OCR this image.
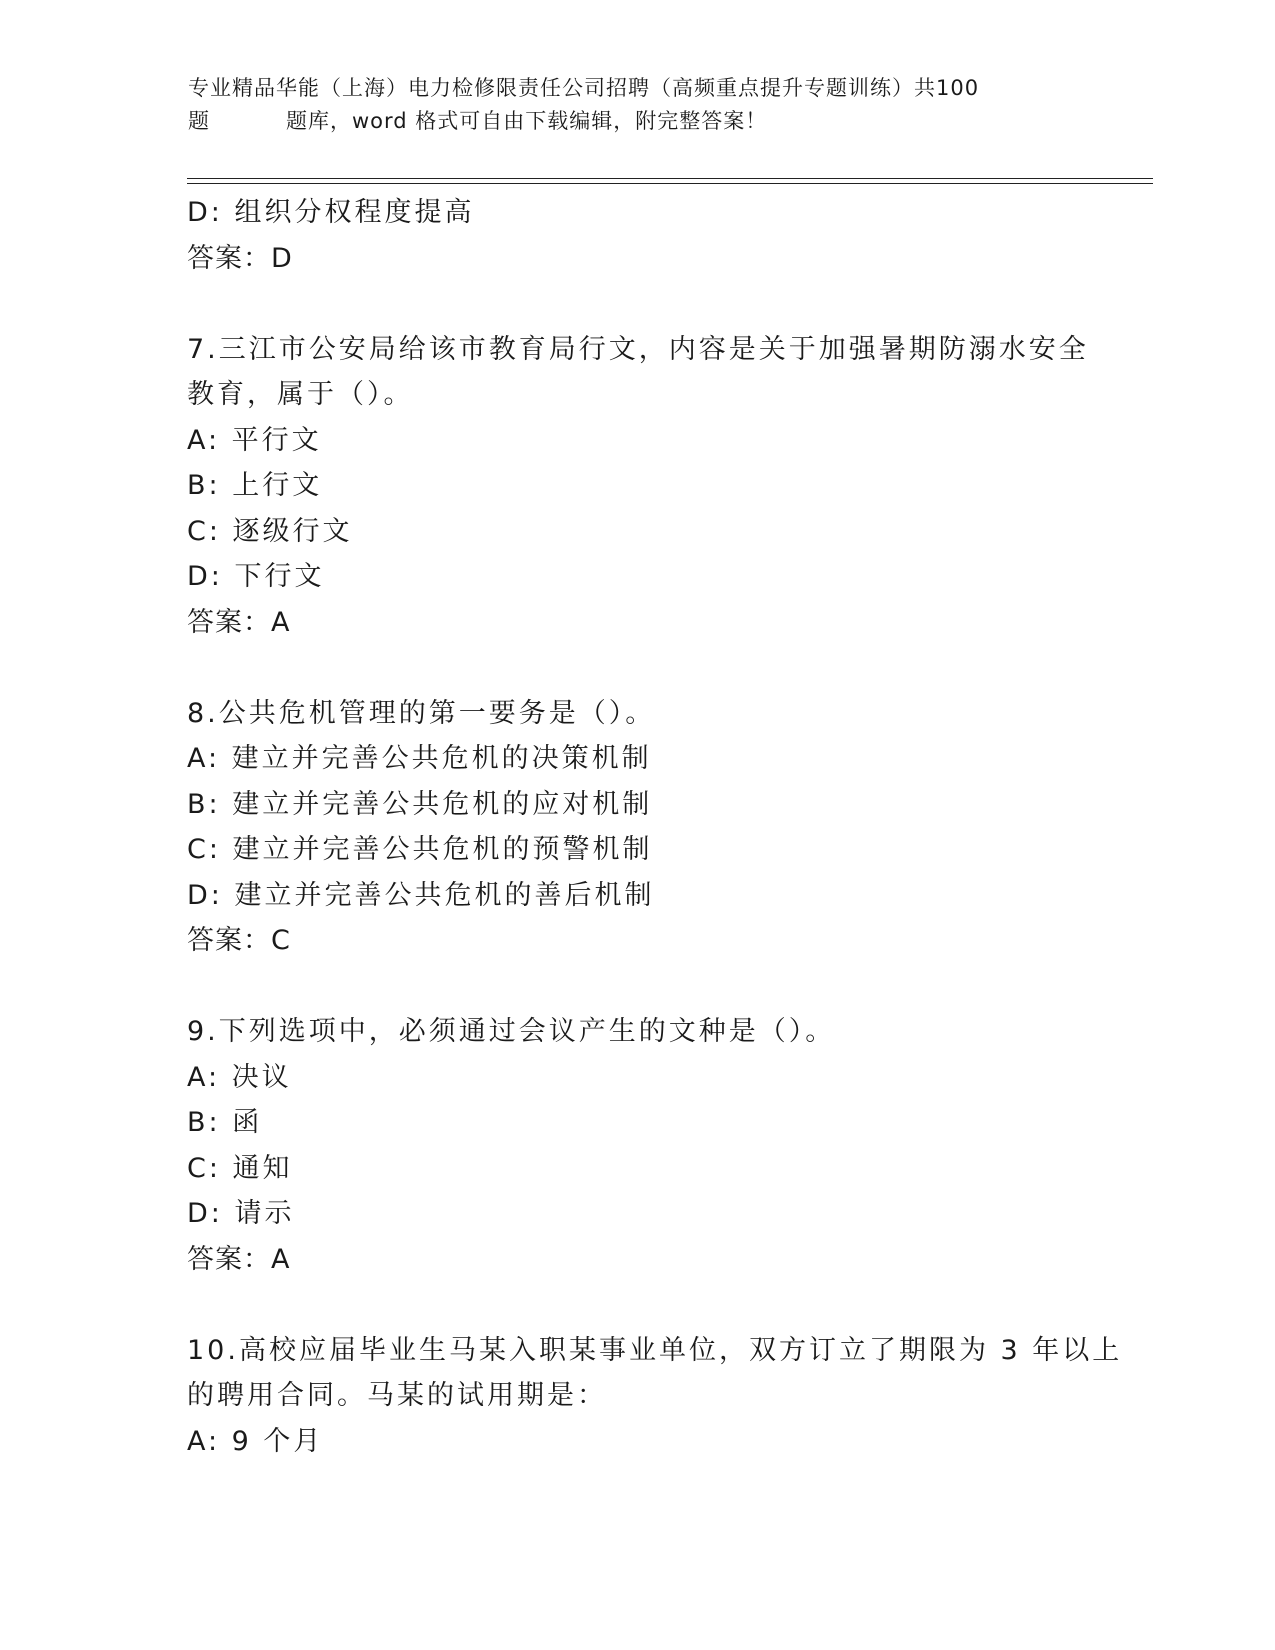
专业精品华能（上海）电力检修限责任公司招聘（高频重点提升专题训练）共100
题	题库，word 格式可自由下载编辑，附完整答案！
D: 组织分权程度提高
答案：D
7.三江市公安局给该市教育局行文，内容是关于加强暑期防溺水安全
教育，属于（）。
A: 平行文
B: 上行文
C: 逐级行文
D: 下行文
答案：A
8.公共危机管理的第一要务是（）。
A: 建立并完善公共危机的决策机制
B: 建立并完善公共危机的应对机制
C: 建立并完善公共危机的预警机制
D: 建立并完善公共危机的善后机制
答案：C
9.下列选项中，必须通过会议产生的文种是（）。
A: 决议
B: 函
C: 通知
D: 请示
答案：A
10.高校应届毕业生马某入职某事业单位，双方订立了期限为 3 年以上
的聘用合同。马某的试用期是：
A: 9 个月
